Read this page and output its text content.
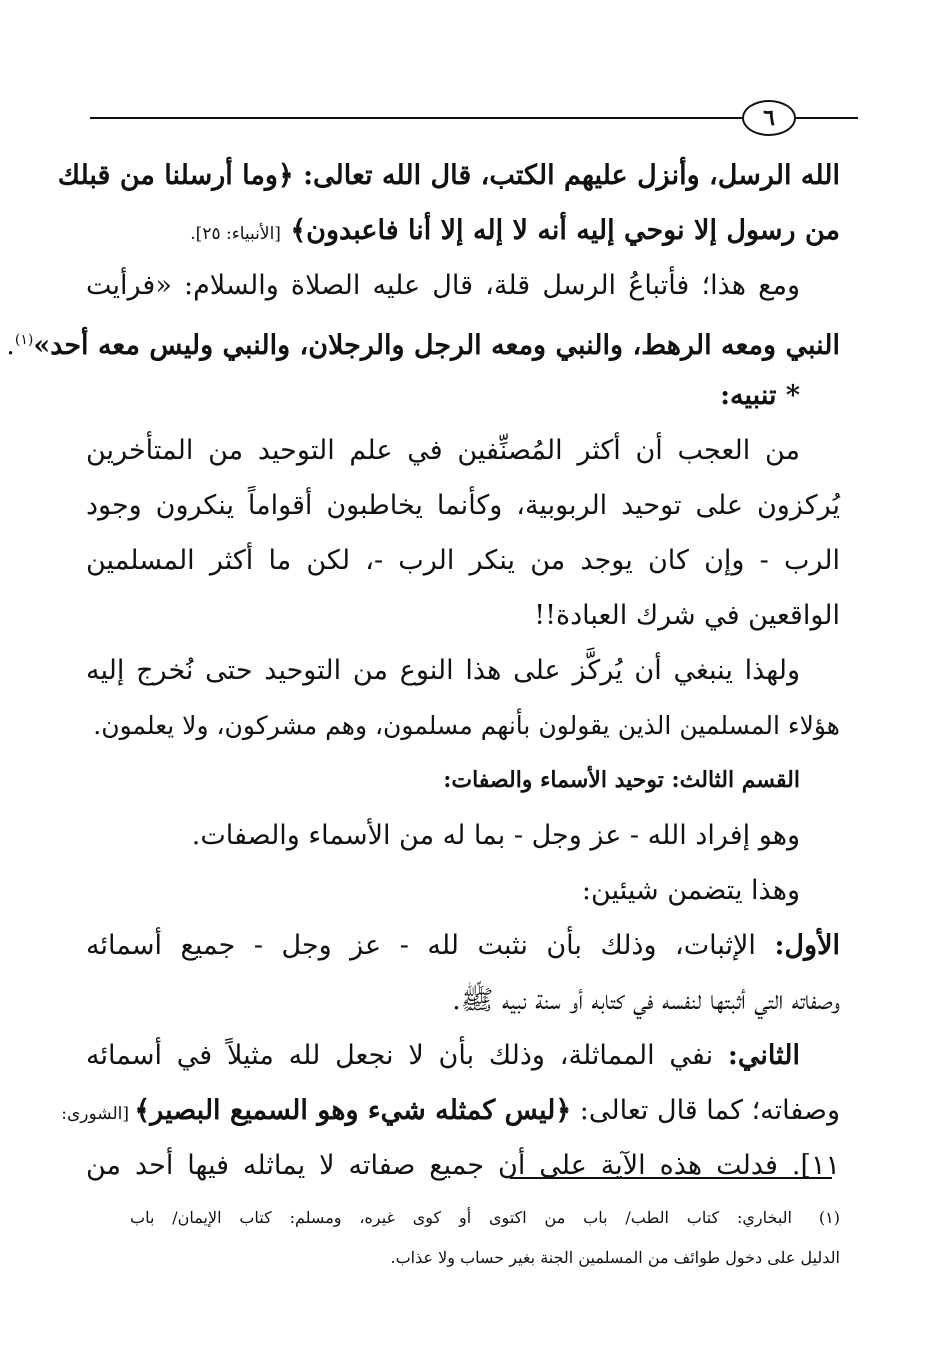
٦
الله الرسل، وأنزل عليهم الكتب، قال الله تعالى: ﴿وما أرسلنا من قبلك
من رسول إلا نوحي إليه أنه لا إله إلا أنا فاعبدون﴾ [الأنبياء: ٢٥].
ومع هذا؛ فأتباعُ الرسل قلة، قال عليه الصلاة والسلام: «فرأيت
النبي ومعه الرهط، والنبي ومعه الرجل والرجلان، والنبي وليس معه أحد»$^{(١)}$.
* تنبيه:
من العجب أن أكثر المُصنِّفين في علم التوحيد من المتأخرين
يُركزون على توحيد الربوبية، وكأنما يخاطبون أقواماً ينكرون وجود
الرب - وإن كان يوجد من ينكر الرب -، لكن ما أكثر المسلمين
الواقعين في شرك العبادة!!
ولهذا ينبغي أن يُركَّز على هذا النوع من التوحيد حتى نُخرج إليه
هؤلاء المسلمين الذين يقولون بأنهم مسلمون، وهم مشركون، ولا يعلمون.
القسم الثالث: توحيد الأسماء والصفات:
وهو إفراد الله - عز وجل - بما له من الأسماء والصفات.
وهذا يتضمن شيئين:
الأول: الإثبات، وذلك بأن نثبت لله - عز وجل - جميع أسمائه
وصفاته التي أثبتها لنفسه في كتابه أو سنة نبيه ﷺ.
الثاني: نفي المماثلة، وذلك بأن لا نجعل لله مثيلاً في أسمائه
وصفاته؛ كما قال تعالى: ﴿ليس كمثله شيء وهو السميع البصير﴾ [الشورى:
١١]. فدلت هذه الآية على أن جميع صفاته لا يماثله فيها أحد من
(١)البخاري: كتاب الطب/ باب من اكتوى أو كوى غيره، ومسلم: كتاب الإيمان/ باب
الدليل على دخول طوائف من المسلمين الجنة بغير حساب ولا عذاب.
